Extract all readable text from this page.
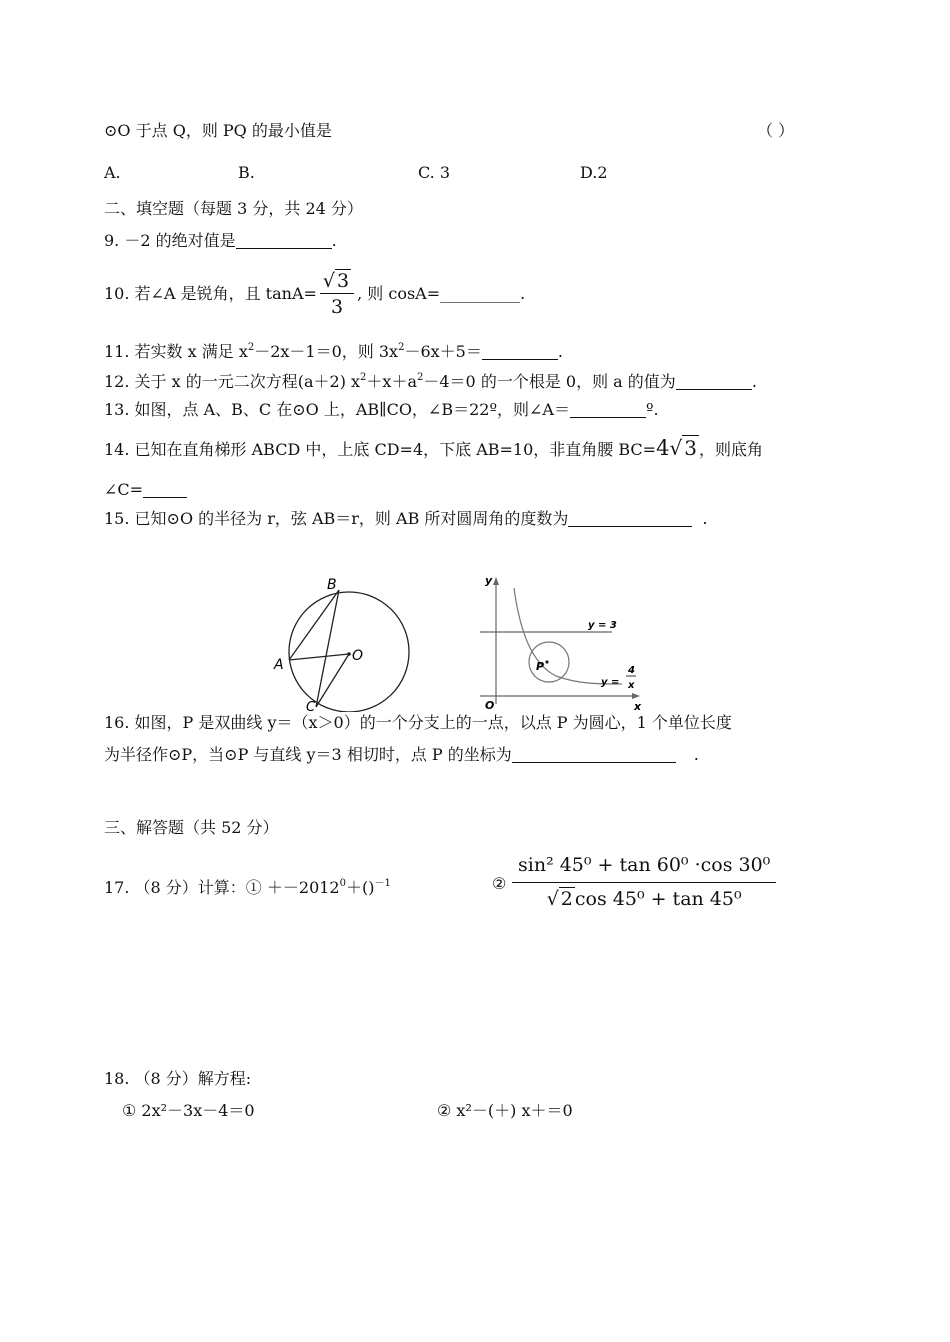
⊙O 于点 Q，则 PQ 的最小值是	（ ）
A.	B.	C. 3	D.2
二、填空题（每题 3 分，共 24 分）
9. －2 的绝对值是	.
10. 若∠A 是锐角，且 $\tan A= \frac{√ 3}{3}$ , 则 cosA=__________.
11. 若实数 x 满足 $x^2-2x-1=0$，则 $3x^2-6x+5=$	.
12. 关于 x 的一元二次方程(a＋2) $x^2+x+a^2-4=0$ 的一个根是 0，则 a 的值为	.
13. 如图，点 A、B、C 在⊙O 上，AB∥CO，∠B＝22º，则∠A＝	º.
14. 已知在直角梯形 ABCD 中，上底 CD=4，下底 AB=10，非直角腰 BC=4√ 3 ，则底角
∠C=
15. 已知⊙O 的半径为 r，弦 AB＝r，则 AB 所对圆周角的度数为	.
B
A
O
C
y
y = 3
P
y =
4
x
O	x
16. 如图，P 是双曲线 y＝（x＞0）的一个分支上的一点，以点 P 为圆心，1 个单位长度
为半径作⊙P，当⊙P 与直线 y＝3 相切时，点 P 的坐标为	.
三、解答题（共 52 分）
17. （8 分）计算：① $+-2012^0+()^{-1}$	② $\frac{\text{sin² 45⁰ + tan 60⁰ ·cos 30⁰}}{\text{√ 2 cos 45⁰ + tan 45⁰}}$
18. （8 分）解方程:
① 2x²－3x－4＝0	② x²－(＋) x＋＝0
